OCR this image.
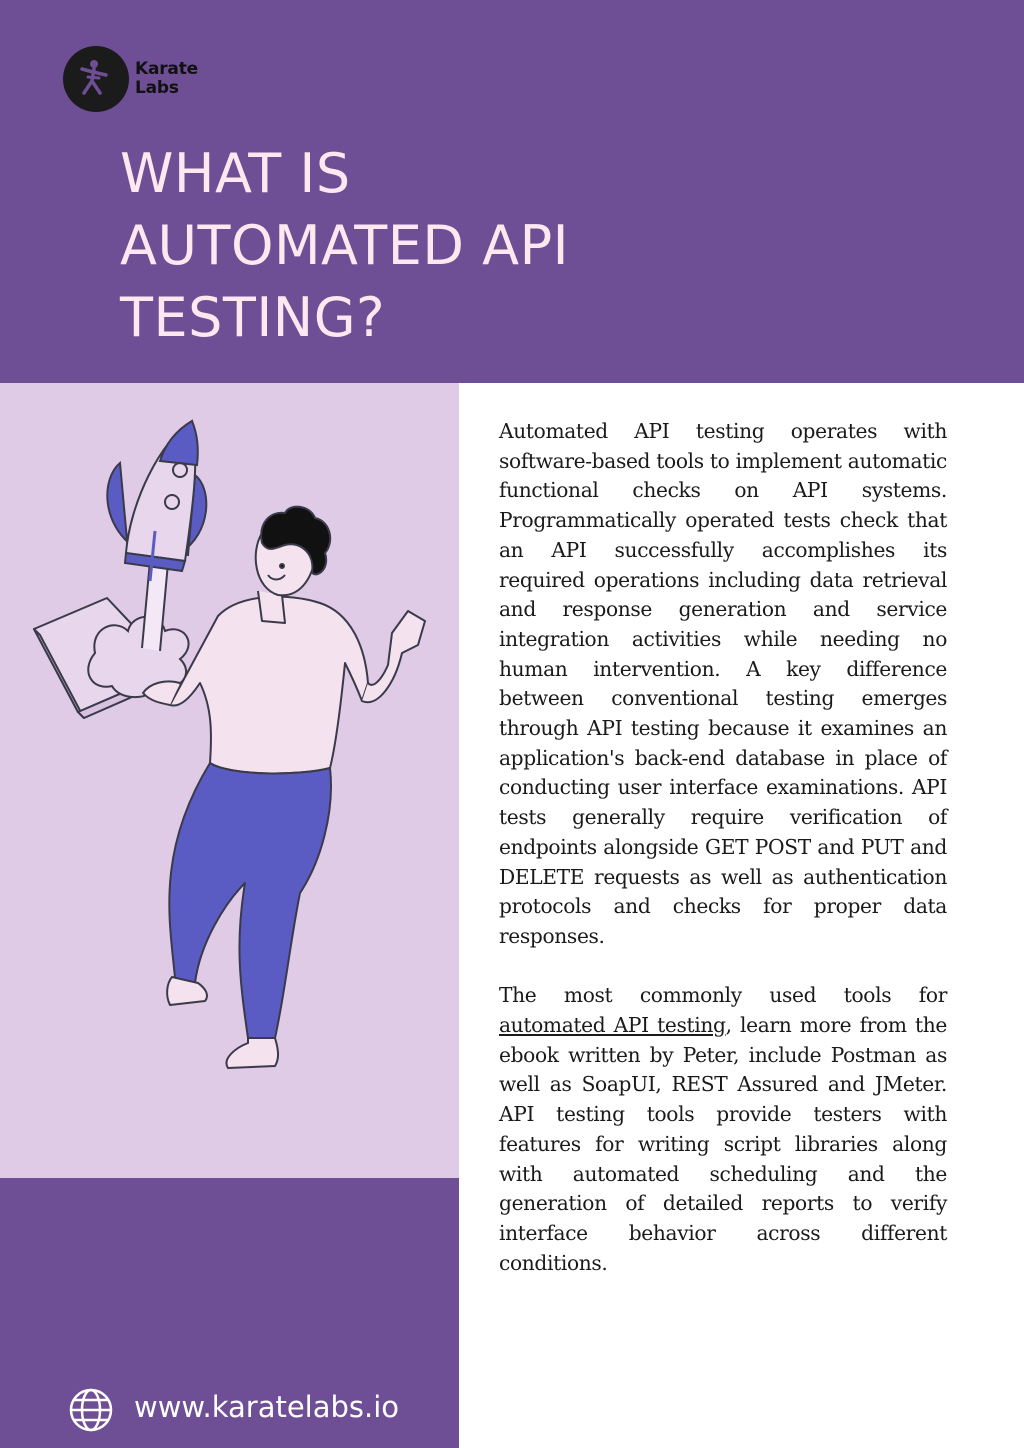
Karate
Labs
WHAT IS
AUTOMATED API
TESTING?
www.karatelabs.io

Automated API testing operates with software-based tools to implement automatic functional checks on API systems. Programmatically operated tests check that an API successfully accomplishes its required operations including data retrieval and response generation and service integration activities while needing no human intervention. A key difference between conventional testing emerges through API testing because it examines an application's back-end database in place of conducting user interface examinations. API tests generally require verification of endpoints alongside GET POST and PUT and DELETE requests as well as authentication protocols and checks for proper data responses.

The most commonly used tools for automated API testing, learn more from the ebook written by Peter, include Postman as well as SoapUI, REST Assured and JMeter. API testing tools provide testers with features for writing script libraries along with automated scheduling and the generation of detailed reports to verify interface behavior across different conditions.
